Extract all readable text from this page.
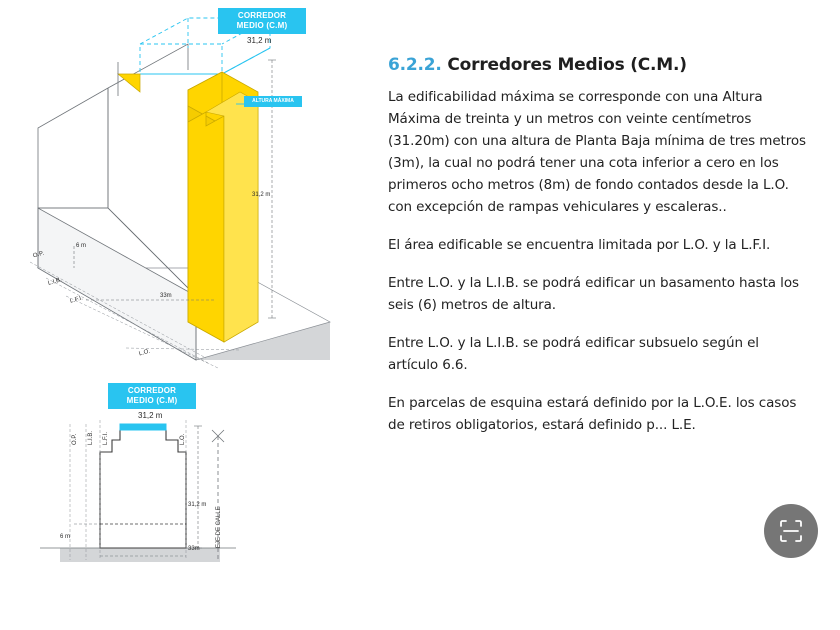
CORREDOR
MEDIO (C.M)
31,2 m
ALTURA MÁXIMA
31,2 m
33m
6 m
O.P.
L.I.B.
L.F.I.
L.O.
CORREDOR
MEDIO (C.M)
31,2 m
O.P. L.I.B. L.F.I.	L.O.
31,2 m
EJE DE CALLE
6 m
33m
6.2.2. Corredores Medios (C.M.)

La edificabilidad máxima se corresponde con una Altura Máxima de treinta y un metros con veinte centímetros (31.20m) con una altura de Planta Baja mínima de tres metros (3m), la cual no podrá tener una cota inferior a cero en los primeros ocho metros (8m) de fondo contados desde la L.O. con excepción de rampas vehiculares y escaleras..

El área edificable se encuentra limitada por L.O. y la L.F.I.

Entre L.O. y la L.I.B. se podrá edificar un basamento hasta los seis (6) metros de altura.

Entre L.O. y la L.I.B. se podrá edificar subsuelo según el artículo 6.6.

En parcelas de esquina estará definido por la L.O.E. los casos de retiros obligatorios, estará definido p... L.E.
